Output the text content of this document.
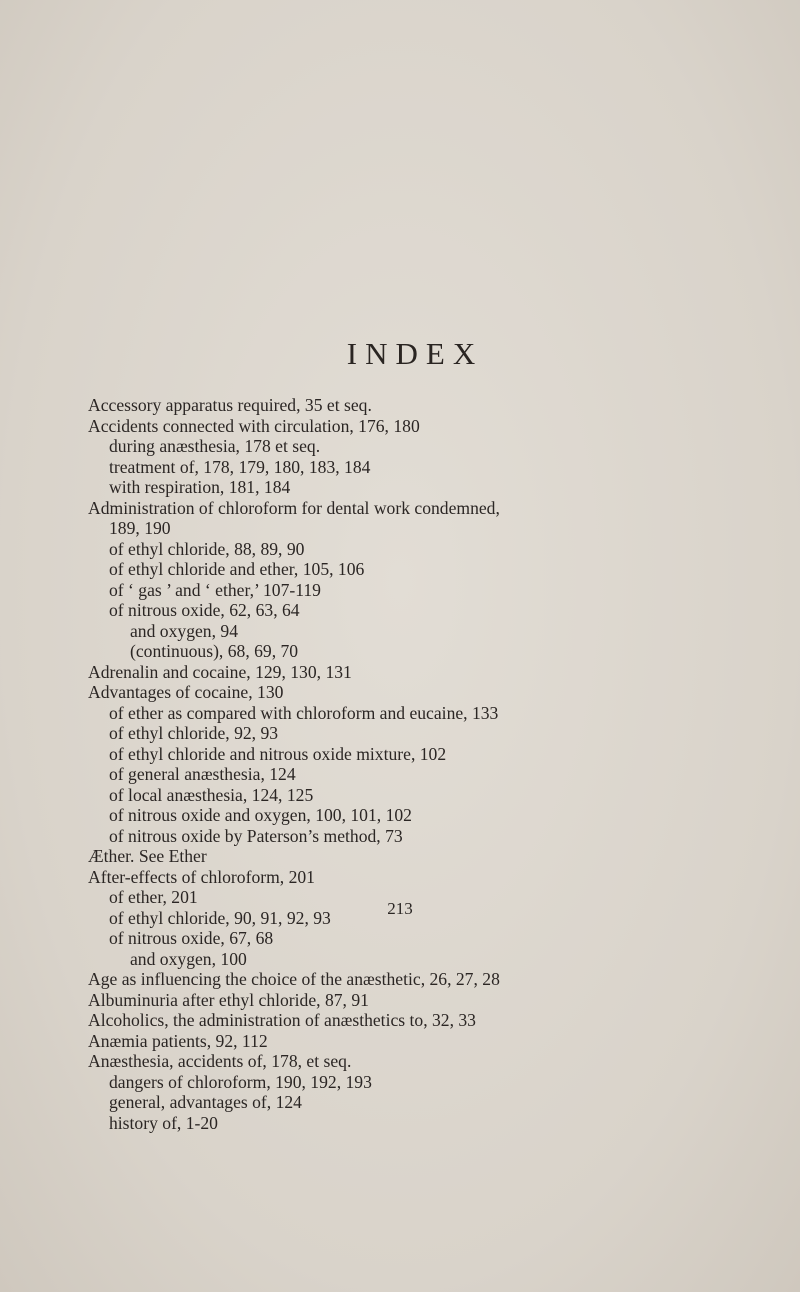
INDEX
Accessory apparatus required, 35 et seq.
Accidents connected with circulation, 176, 180
during anæsthesia, 178 et seq.
treatment of, 178, 179, 180, 183, 184
with respiration, 181, 184
Administration of chloroform for dental work condemned,
189, 190
of ethyl chloride, 88, 89, 90
of ethyl chloride and ether, 105, 106
of ‘ gas ’ and ‘ ether,’ 107-119
of nitrous oxide, 62, 63, 64
and oxygen, 94
(continuous), 68, 69, 70
Adrenalin and cocaine, 129, 130, 131
Advantages of cocaine, 130
of ether as compared with chloroform and eucaine, 133
of ethyl chloride, 92, 93
of ethyl chloride and nitrous oxide mixture, 102
of general anæsthesia, 124
of local anæsthesia, 124, 125
of nitrous oxide and oxygen, 100, 101, 102
of nitrous oxide by Paterson’s method, 73
Æther. See Ether
After-effects of chloroform, 201
of ether, 201
of ethyl chloride, 90, 91, 92, 93
of nitrous oxide, 67, 68
and oxygen, 100
Age as influencing the choice of the anæsthetic, 26, 27, 28
Albuminuria after ethyl chloride, 87, 91
Alcoholics, the administration of anæsthetics to, 32, 33
Anæmia patients, 92, 112
Anæsthesia, accidents of, 178, et seq.
dangers of chloroform, 190, 192, 193
general, advantages of, 124
history of, 1-20
213
